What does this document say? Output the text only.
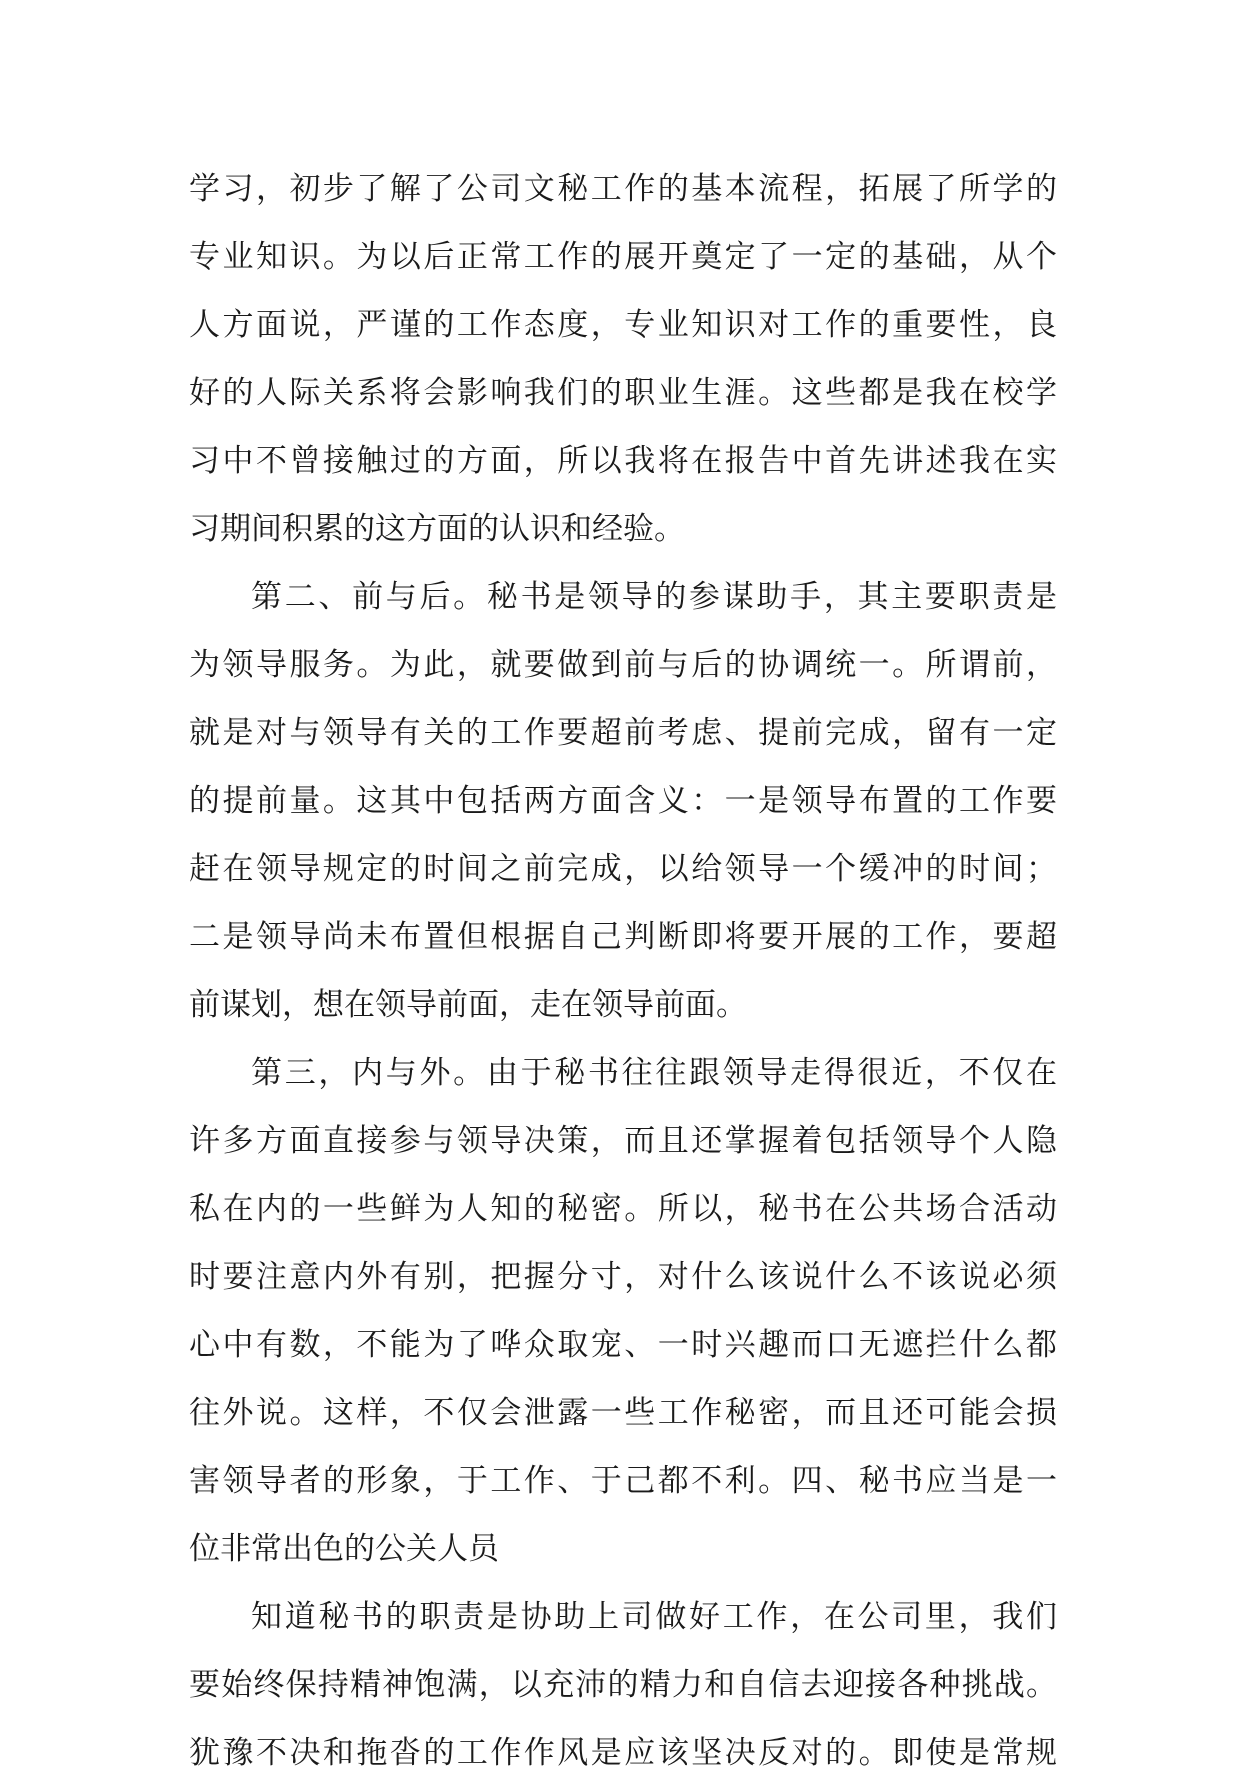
学习，初步了解了公司文秘工作的基本流程，拓展了所学的
专业知识。为以后正常工作的展开奠定了一定的基础，从个
人方面说，严谨的工作态度，专业知识对工作的重要性，良
好的人际关系将会影响我们的职业生涯。这些都是我在校学
习中不曾接触过的方面，所以我将在报告中首先讲述我在实
习期间积累的这方面的认识和经验。
第二、前与后。秘书是领导的参谋助手，其主要职责是
为领导服务。为此，就要做到前与后的协调统一。所谓前，
就是对与领导有关的工作要超前考虑、提前完成，留有一定
的提前量。这其中包括两方面含义：一是领导布置的工作要
赶在领导规定的时间之前完成，以给领导一个缓冲的时间；
二是领导尚未布置但根据自己判断即将要开展的工作，要超
前谋划，想在领导前面，走在领导前面。
第三，内与外。由于秘书往往跟领导走得很近，不仅在
许多方面直接参与领导决策，而且还掌握着包括领导个人隐
私在内的一些鲜为人知的秘密。所以，秘书在公共场合活动
时要注意内外有别，把握分寸，对什么该说什么不该说必须
心中有数，不能为了哗众取宠、一时兴趣而口无遮拦什么都
往外说。这样，不仅会泄露一些工作秘密，而且还可能会损
害领导者的形象，于工作、于己都不利。四、秘书应当是一
位非常出色的公关人员
知道秘书的职责是协助上司做好工作，在公司里，我们
要始终保持精神饱满，以充沛的精力和自信去迎接各种挑战。
犹豫不决和拖沓的工作作风是应该坚决反对的。即使是常规
